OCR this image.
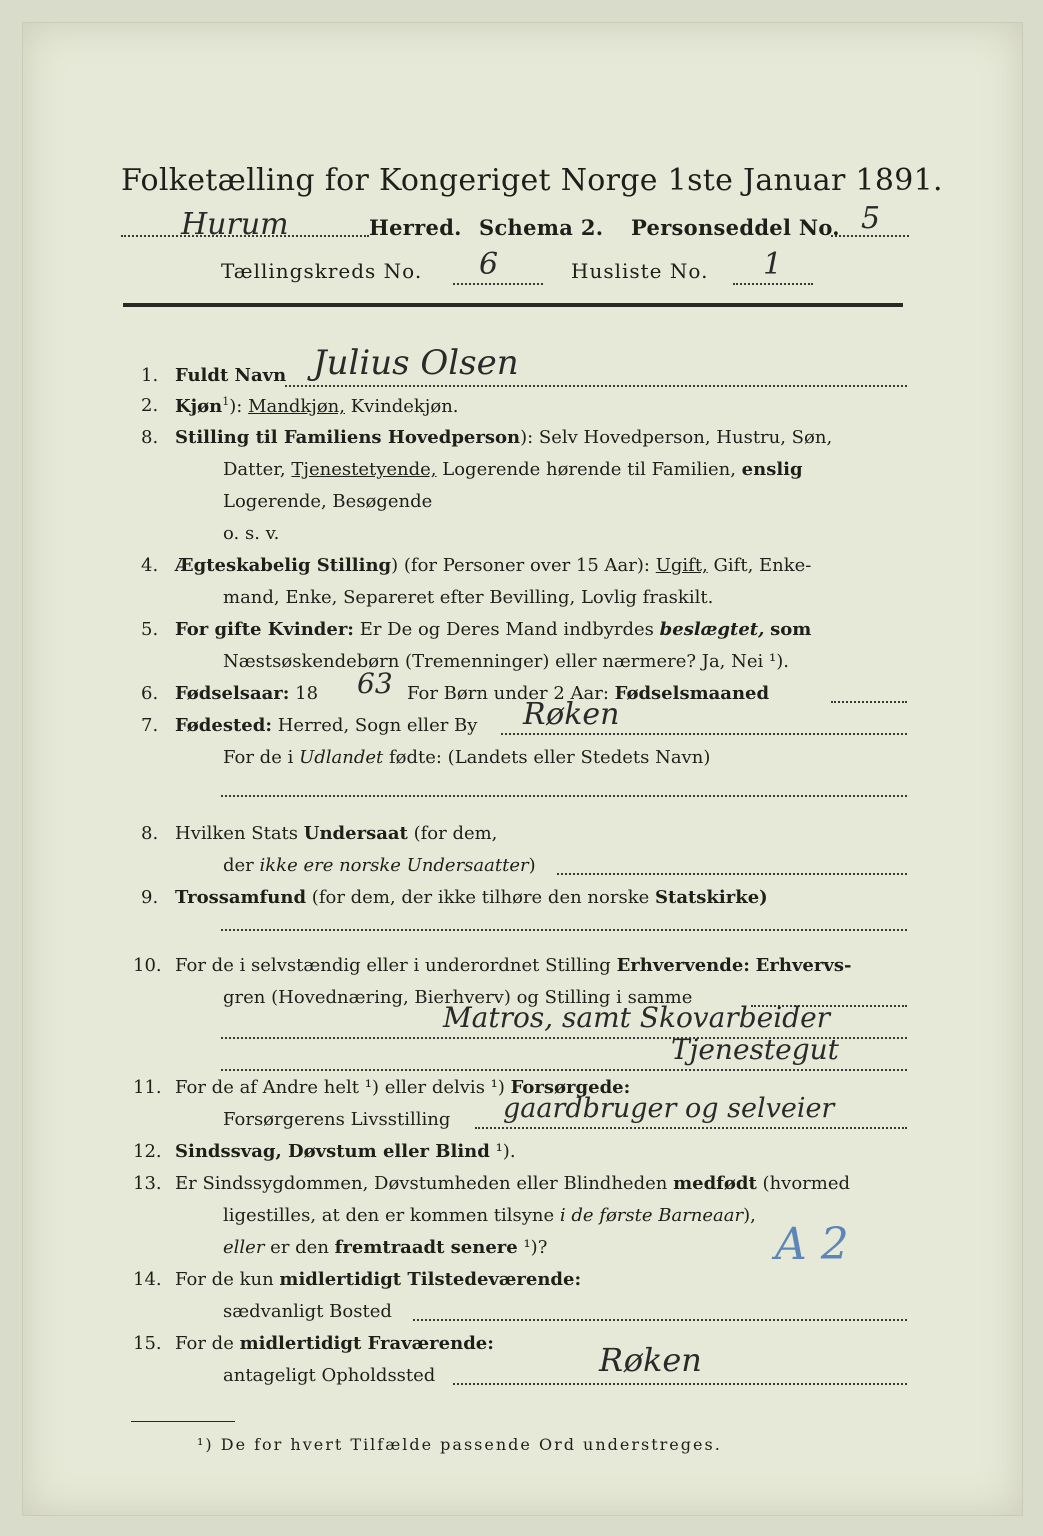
Folketælling for Kongeriget Norge 1ste Januar 1891.
Hurum	Herred. Schema 2. Personseddel No. 5
Tællingskreds No. 6	Husliste No. 1
1. Fuldt Navn Julius Olsen
2. Kjøn$^1$): Mandkjøn, Kvindekjøn.
8. Stilling til Familiens Hovedperson): Selv Hovedperson, Hustru, Søn,
Datter, Tjenestetyende, Logerende hørende til Familien, enslig
Logerende, Besøgende
o. s. v.
4. Ægteskabelig Stilling) (for Personer over 15 Aar): Ugift, Gift, Enke-
mand, Enke, Separeret efter Bevilling, Lovlig fraskilt.
5. For gifte Kvinder: Er De og Deres Mand indbyrdes beslægtet, som
Næstsøskendebørn (Tremenninger) eller nærmere? Ja, Nei ¹).
6. Fødselsaar: 18 63 For Børn under 2 Aar: Fødselsmaaned
7. Fødested: Herred, Sogn eller By Røken
For de i Udlandet fødte: (Landets eller Stedets Navn)
8. Hvilken Stats Undersaat (for dem,
der ikke ere norske Undersaatter)
9. Trossamfund (for dem, der ikke tilhøre den norske Statskirke)
10. For de i selvstændig eller i underordnet Stilling Erhvervende: Erhvervs-
gren (Hovednæring, Bierhverv) og Stilling i samme
Matros, samt Skovarbeider
Tjenestegut
11. For de af Andre helt ¹) eller delvis ¹) Forsørgede:
Forsørgerens Livsstilling gaardbruger og selveier
12. Sindssvag, Døvstum eller Blind ¹).
13. Er Sindssygdommen, Døvstumheden eller Blindheden medfødt (hvormed
ligestilles, at den er kommen tilsyne i de første Barneaar),
eller er den fremtraadt senere ¹)?	A 2
14. For de kun midlertidigt Tilstedeværende:
sædvanligt Bosted
15. For de midlertidigt Fraværende:
antageligt Opholdssted	Røken
¹) De for hvert Tilfælde passende Ord understreges.
